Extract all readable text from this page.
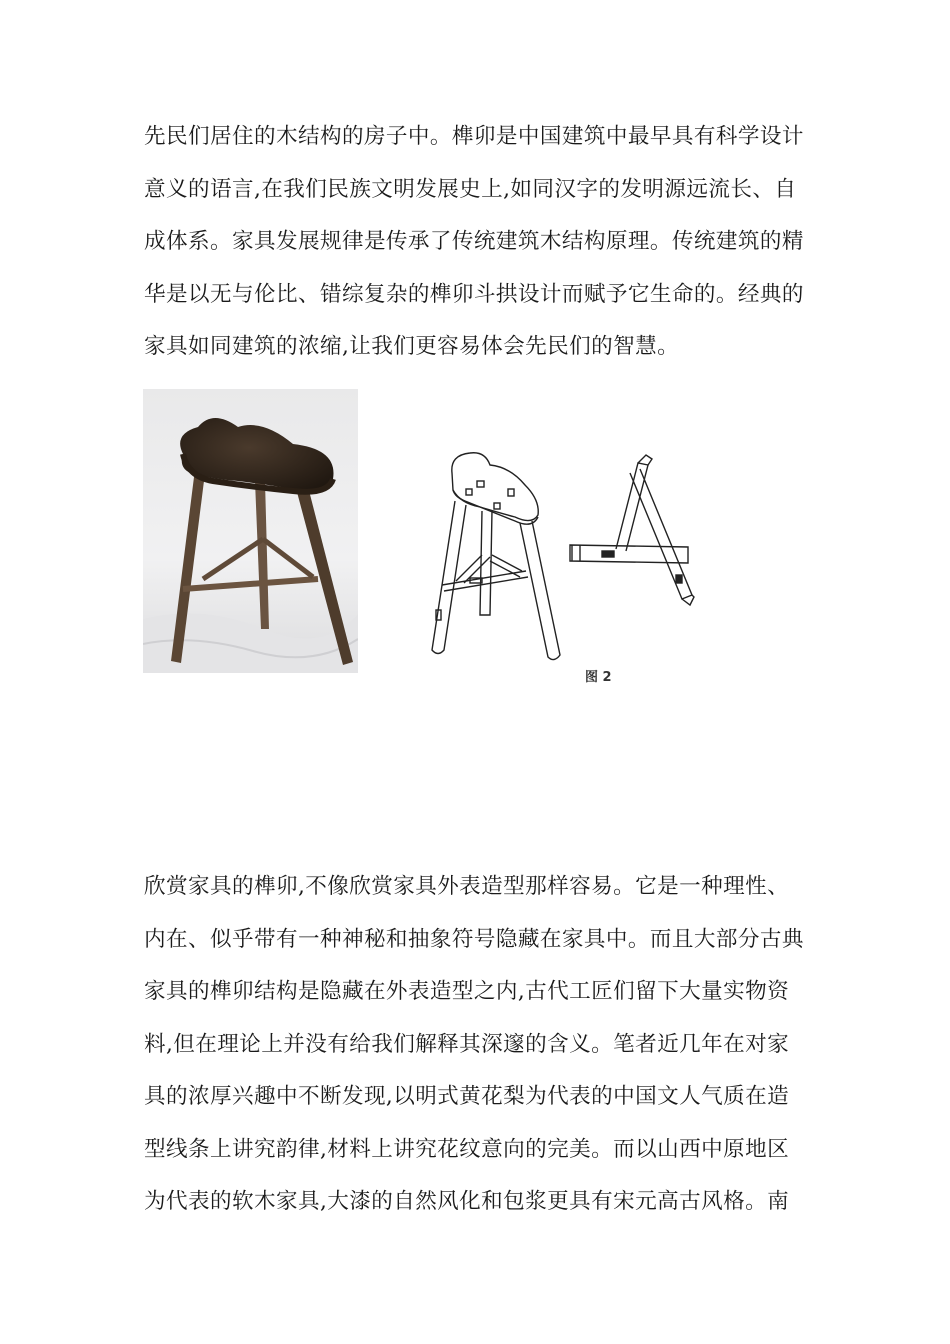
先民们居住的木结构的房子中。榫卯是中国建筑中最早具有科学设计
意义的语言,在我们民族文明发展史上,如同汉字的发明源远流长、自
成体系。家具发展规律是传承了传统建筑木结构原理。传统建筑的精
华是以无与伦比、错综复杂的榫卯斗拱设计而赋予它生命的。经典的
家具如同建筑的浓缩,让我们更容易体会先民们的智慧。
图 2
欣赏家具的榫卯,不像欣赏家具外表造型那样容易。它是一种理性、
内在、似乎带有一种神秘和抽象符号隐藏在家具中。而且大部分古典
家具的榫卯结构是隐藏在外表造型之内,古代工匠们留下大量实物资
料,但在理论上并没有给我们解释其深邃的含义。笔者近几年在对家
具的浓厚兴趣中不断发现,以明式黄花梨为代表的中国文人气质在造
型线条上讲究韵律,材料上讲究花纹意向的完美。而以山西中原地区
为代表的软木家具,大漆的自然风化和包浆更具有宋元高古风格。南
